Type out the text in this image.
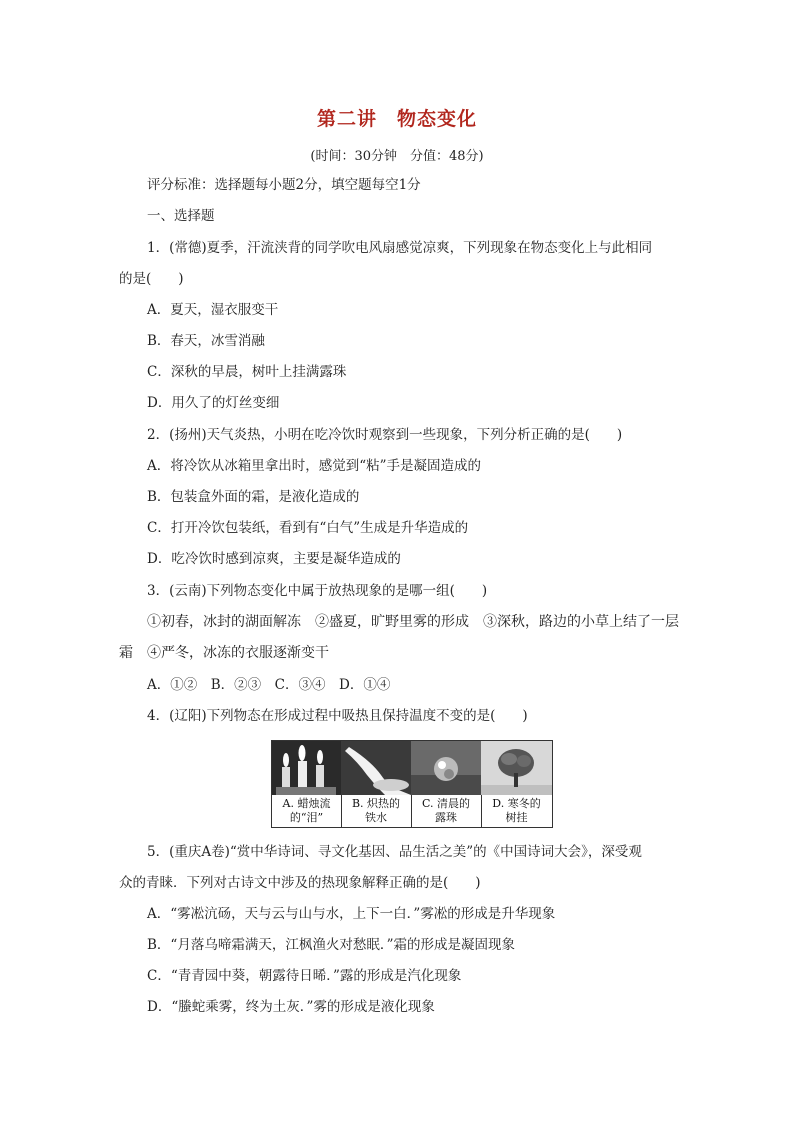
第二讲　物态变化
(时间：30分钟　分值：48分)
评分标准：选择题每小题2分，填空题每空1分
一、选择题
1．(常德)夏季，汗流浃背的同学吹电风扇感觉凉爽，下列现象在物态变化上与此相同
的是(　　)
A．夏天，湿衣服变干
B．春天，冰雪消融
C．深秋的早晨，树叶上挂满露珠
D．用久了的灯丝变细
2．(扬州)天气炎热，小明在吃冷饮时观察到一些现象，下列分析正确的是(　　)
A．将冷饮从冰箱里拿出时，感觉到“粘”手是凝固造成的
B．包装盒外面的霜，是液化造成的
C．打开冷饮包装纸，看到有“白气”生成是升华造成的
D．吃冷饮时感到凉爽，主要是凝华造成的
3．(云南)下列物态变化中属于放热现象的是哪一组(　　)
①初春，冰封的湖面解冻　②盛夏，旷野里雾的形成　③深秋，路边的小草上结了一层
霜　④严冬，冰冻的衣服逐渐变干
A．①②　B．②③　C．③④　D．①④
4．(辽阳)下列物态在形成过程中吸热且保持温度不变的是(　　)
A. 蜡烛流
的“泪”
B. 炽热的
铁水
C. 清晨的
露珠
D. 寒冬的
树挂
5．(重庆A卷)“赏中华诗词、寻文化基因、品生活之美”的《中国诗词大会》，深受观
众的青睐．下列对古诗文中涉及的热现象解释正确的是(　　)
A．“雾凇沆砀，天与云与山与水，上下一白．”雾凇的形成是升华现象
B．“月落乌啼霜满天，江枫渔火对愁眠．”霜的形成是凝固现象
C．“青青园中葵，朝露待日晞．”露的形成是汽化现象
D．“螣蛇乘雾，终为土灰．”雾的形成是液化现象
